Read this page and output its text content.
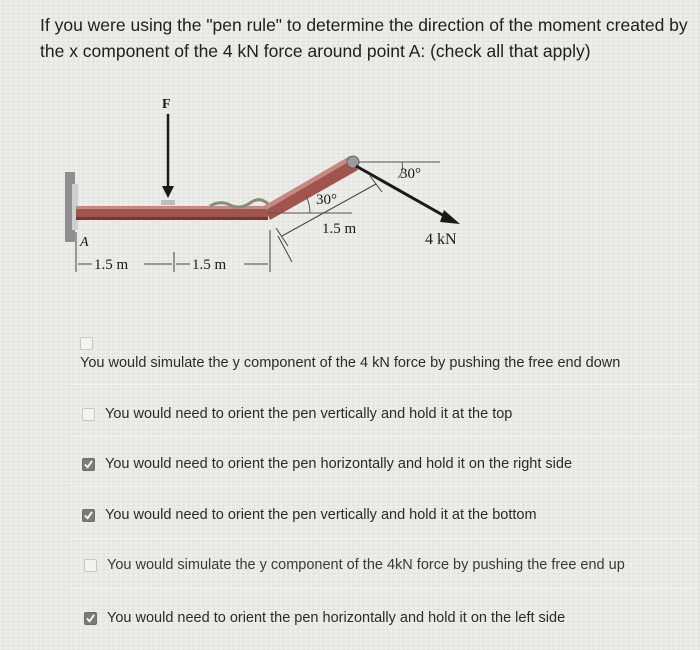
If you were using the "pen rule" to determine the direction of the moment created by the x component of the 4 kN force around point A: (check all that apply)
F
4 kN
30°
30°
1.5 m
A
1.5 m	1.5 m
You would simulate the y component of the 4 kN force by pushing the free end down
You would need to orient the pen vertically and hold it at the top
You would need to orient the pen horizontally and hold it on the right side
You would need to orient the pen vertically and hold it at the bottom
You would simulate the y component of the 4kN force by pushing the free end up
You would need to orient the pen horizontally and hold it on the left side
